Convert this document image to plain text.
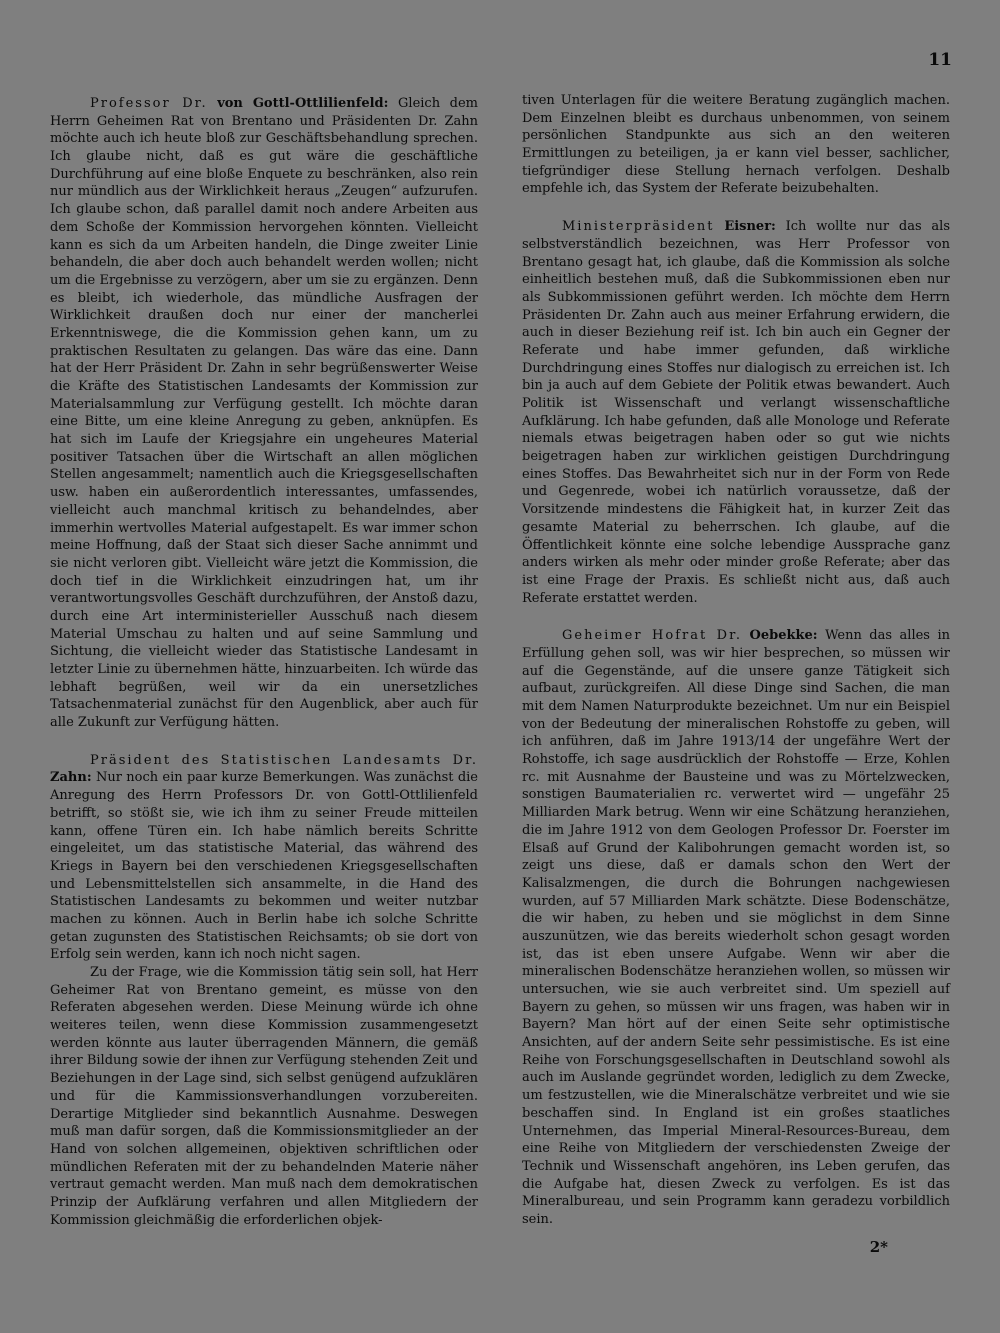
11

Professor Dr. von Gottl-Ottlilienfeld: Gleich dem Herrn Geheimen Rat von Brentano und Präsidenten Dr. Zahn möchte auch ich heute bloß zur Geschäftsbehandlung sprechen. Ich glaube nicht, daß es gut wäre die geschäftliche Durchführung auf eine bloße Enquete zu beschränken, also rein nur mündlich aus der Wirklichkeit heraus „Zeugen“ aufzurufen. Ich glaube schon, daß parallel damit noch andere Arbeiten aus dem Schoße der Kommission hervorgehen könnten. Vielleicht kann es sich da um Arbeiten handeln, die Dinge zweiter Linie behandeln, die aber doch auch behandelt werden wollen; nicht um die Ergebnisse zu verzögern, aber um sie zu ergänzen. Denn es bleibt, ich wiederhole, das mündliche Ausfragen der Wirklichkeit draußen doch nur einer der mancherlei Erkenntniswege, die die Kommission gehen kann, um zu praktischen Resultaten zu gelangen. Das wäre das eine. Dann hat der Herr Präsident Dr. Zahn in sehr begrüßenswerter Weise die Kräfte des Statistischen Landesamts der Kommission zur Materialsammlung zur Verfügung gestellt. Ich möchte daran eine Bitte, um eine kleine Anregung zu geben, anknüpfen. Es hat sich im Laufe der Kriegsjahre ein ungeheures Material positiver Tatsachen über die Wirtschaft an allen möglichen Stellen angesammelt; namentlich auch die Kriegsgesellschaften usw. haben ein außerordentlich interessantes, umfassendes, vielleicht auch manchmal kritisch zu behandelndes, aber immerhin wertvolles Material aufgestapelt. Es war immer schon meine Hoffnung, daß der Staat sich dieser Sache annimmt und sie nicht verloren gibt. Vielleicht wäre jetzt die Kommission, die doch tief in die Wirklichkeit einzudringen hat, um ihr verantwortungsvolles Geschäft durchzuführen, der Anstoß dazu, durch eine Art interministerieller Ausschuß nach diesem Material Umschau zu halten und auf seine Sammlung und Sichtung, die vielleicht wieder das Statistische Landesamt in letzter Linie zu übernehmen hätte, hinzuarbeiten. Ich würde das lebhaft begrüßen, weil wir da ein unersetzliches Tatsachenmaterial zunächst für den Augenblick, aber auch für alle Zukunft zur Verfügung hätten.

Präsident des Statistischen Landesamts Dr. Zahn: Nur noch ein paar kurze Bemerkungen. Was zunächst die Anregung des Herrn Professors Dr. von Gottl-Ottlilienfeld betrifft, so stößt sie, wie ich ihm zu seiner Freude mitteilen kann, offene Türen ein. Ich habe nämlich bereits Schritte eingeleitet, um das statistische Material, das während des Kriegs in Bayern bei den verschiedenen Kriegsgesellschaften und Lebensmittelstellen sich ansammelte, in die Hand des Statistischen Landesamts zu bekommen und weiter nutzbar machen zu können. Auch in Berlin habe ich solche Schritte getan zugunsten des Statistischen Reichsamts; ob sie dort von Erfolg sein werden, kann ich noch nicht sagen.

Zu der Frage, wie die Kommission tätig sein soll, hat Herr Geheimer Rat von Brentano gemeint, es müsse von den Referaten abgesehen werden. Diese Meinung würde ich ohne weiteres teilen, wenn diese Kommission zusammengesetzt werden könnte aus lauter überragenden Männern, die gemäß ihrer Bildung sowie der ihnen zur Verfügung stehenden Zeit und Beziehungen in der Lage sind, sich selbst genügend aufzuklären und für die Kammissionsverhandlungen vorzubereiten. Derartige Mitglieder sind bekanntlich Ausnahme. Deswegen muß man dafür sorgen, daß die Kommissionsmitglieder an der Hand von solchen allgemeinen, objektiven schriftlichen oder mündlichen Referaten mit der zu behandelnden Materie näher vertraut gemacht werden. Man muß nach dem demokratischen Prinzip der Aufklärung verfahren und allen Mitgliedern der Kommission gleichmäßig die erforderlichen objek-

tiven Unterlagen für die weitere Beratung zugänglich machen. Dem Einzelnen bleibt es durchaus unbenommen, von seinem persönlichen Standpunkte aus sich an den weiteren Ermittlungen zu beteiligen, ja er kann viel besser, sachlicher, tiefgründiger diese Stellung hernach verfolgen. Deshalb empfehle ich, das System der Referate beizubehalten.

Ministerpräsident Eisner: Ich wollte nur das als selbstverständlich bezeichnen, was Herr Professor von Brentano gesagt hat, ich glaube, daß die Kommission als solche einheitlich bestehen muß, daß die Subkommissionen eben nur als Subkommissionen geführt werden. Ich möchte dem Herrn Präsidenten Dr. Zahn auch aus meiner Erfahrung erwidern, die auch in dieser Beziehung reif ist. Ich bin auch ein Gegner der Referate und habe immer gefunden, daß wirkliche Durchdringung eines Stoffes nur dialogisch zu erreichen ist. Ich bin ja auch auf dem Gebiete der Politik etwas bewandert. Auch Politik ist Wissenschaft und verlangt wissenschaftliche Aufklärung. Ich habe gefunden, daß alle Monologe und Referate niemals etwas beigetragen haben oder so gut wie nichts beigetragen haben zur wirklichen geistigen Durchdringung eines Stoffes. Das Bewahrheitet sich nur in der Form von Rede und Gegenrede, wobei ich natürlich voraussetze, daß der Vorsitzende mindestens die Fähigkeit hat, in kurzer Zeit das gesamte Material zu beherrschen. Ich glaube, auf die Öffentlichkeit könnte eine solche lebendige Aussprache ganz anders wirken als mehr oder minder große Referate; aber das ist eine Frage der Praxis. Es schließt nicht aus, daß auch Referate erstattet werden.

Geheimer Hofrat Dr. Oebekke: Wenn das alles in Erfüllung gehen soll, was wir hier besprechen, so müssen wir auf die Gegenstände, auf die unsere ganze Tätigkeit sich aufbaut, zurückgreifen. All diese Dinge sind Sachen, die man mit dem Namen Naturprodukte bezeichnet. Um nur ein Beispiel von der Bedeutung der mineralischen Rohstoffe zu geben, will ich anführen, daß im Jahre 1913/14 der ungefähre Wert der Rohstoffe, ich sage ausdrücklich der Rohstoffe — Erze, Kohlen rc. mit Ausnahme der Bausteine und was zu Mörtelzwecken, sonstigen Baumaterialien rc. verwertet wird — ungefähr 25 Milliarden Mark betrug. Wenn wir eine Schätzung heranziehen, die im Jahre 1912 von dem Geologen Professor Dr. Foerster im Elsaß auf Grund der Kalibohrungen gemacht worden ist, so zeigt uns diese, daß er damals schon den Wert der Kalisalzmengen, die durch die Bohrungen nachgewiesen wurden, auf 57 Milliarden Mark schätzte. Diese Bodenschätze, die wir haben, zu heben und sie möglichst in dem Sinne auszunützen, wie das bereits wiederholt schon gesagt worden ist, das ist eben unsere Aufgabe. Wenn wir aber die mineralischen Bodenschätze heranziehen wollen, so müssen wir untersuchen, wie sie auch verbreitet sind. Um speziell auf Bayern zu gehen, so müssen wir uns fragen, was haben wir in Bayern? Man hört auf der einen Seite sehr optimistische Ansichten, auf der andern Seite sehr pessimistische. Es ist eine Reihe von Forschungsgesellschaften in Deutschland sowohl als auch im Auslande gegründet worden, lediglich zu dem Zwecke, um festzustellen, wie die Mineralschätze verbreitet und wie sie beschaffen sind. In England ist ein großes staatliches Unternehmen, das Imperial Mineral-Resources-Bureau, dem eine Reihe von Mitgliedern der verschiedensten Zweige der Technik und Wissenschaft angehören, ins Leben gerufen, das die Aufgabe hat, diesen Zweck zu verfolgen. Es ist das Mineralbureau, und sein Programm kann geradezu vorbildlich sein.

2*
